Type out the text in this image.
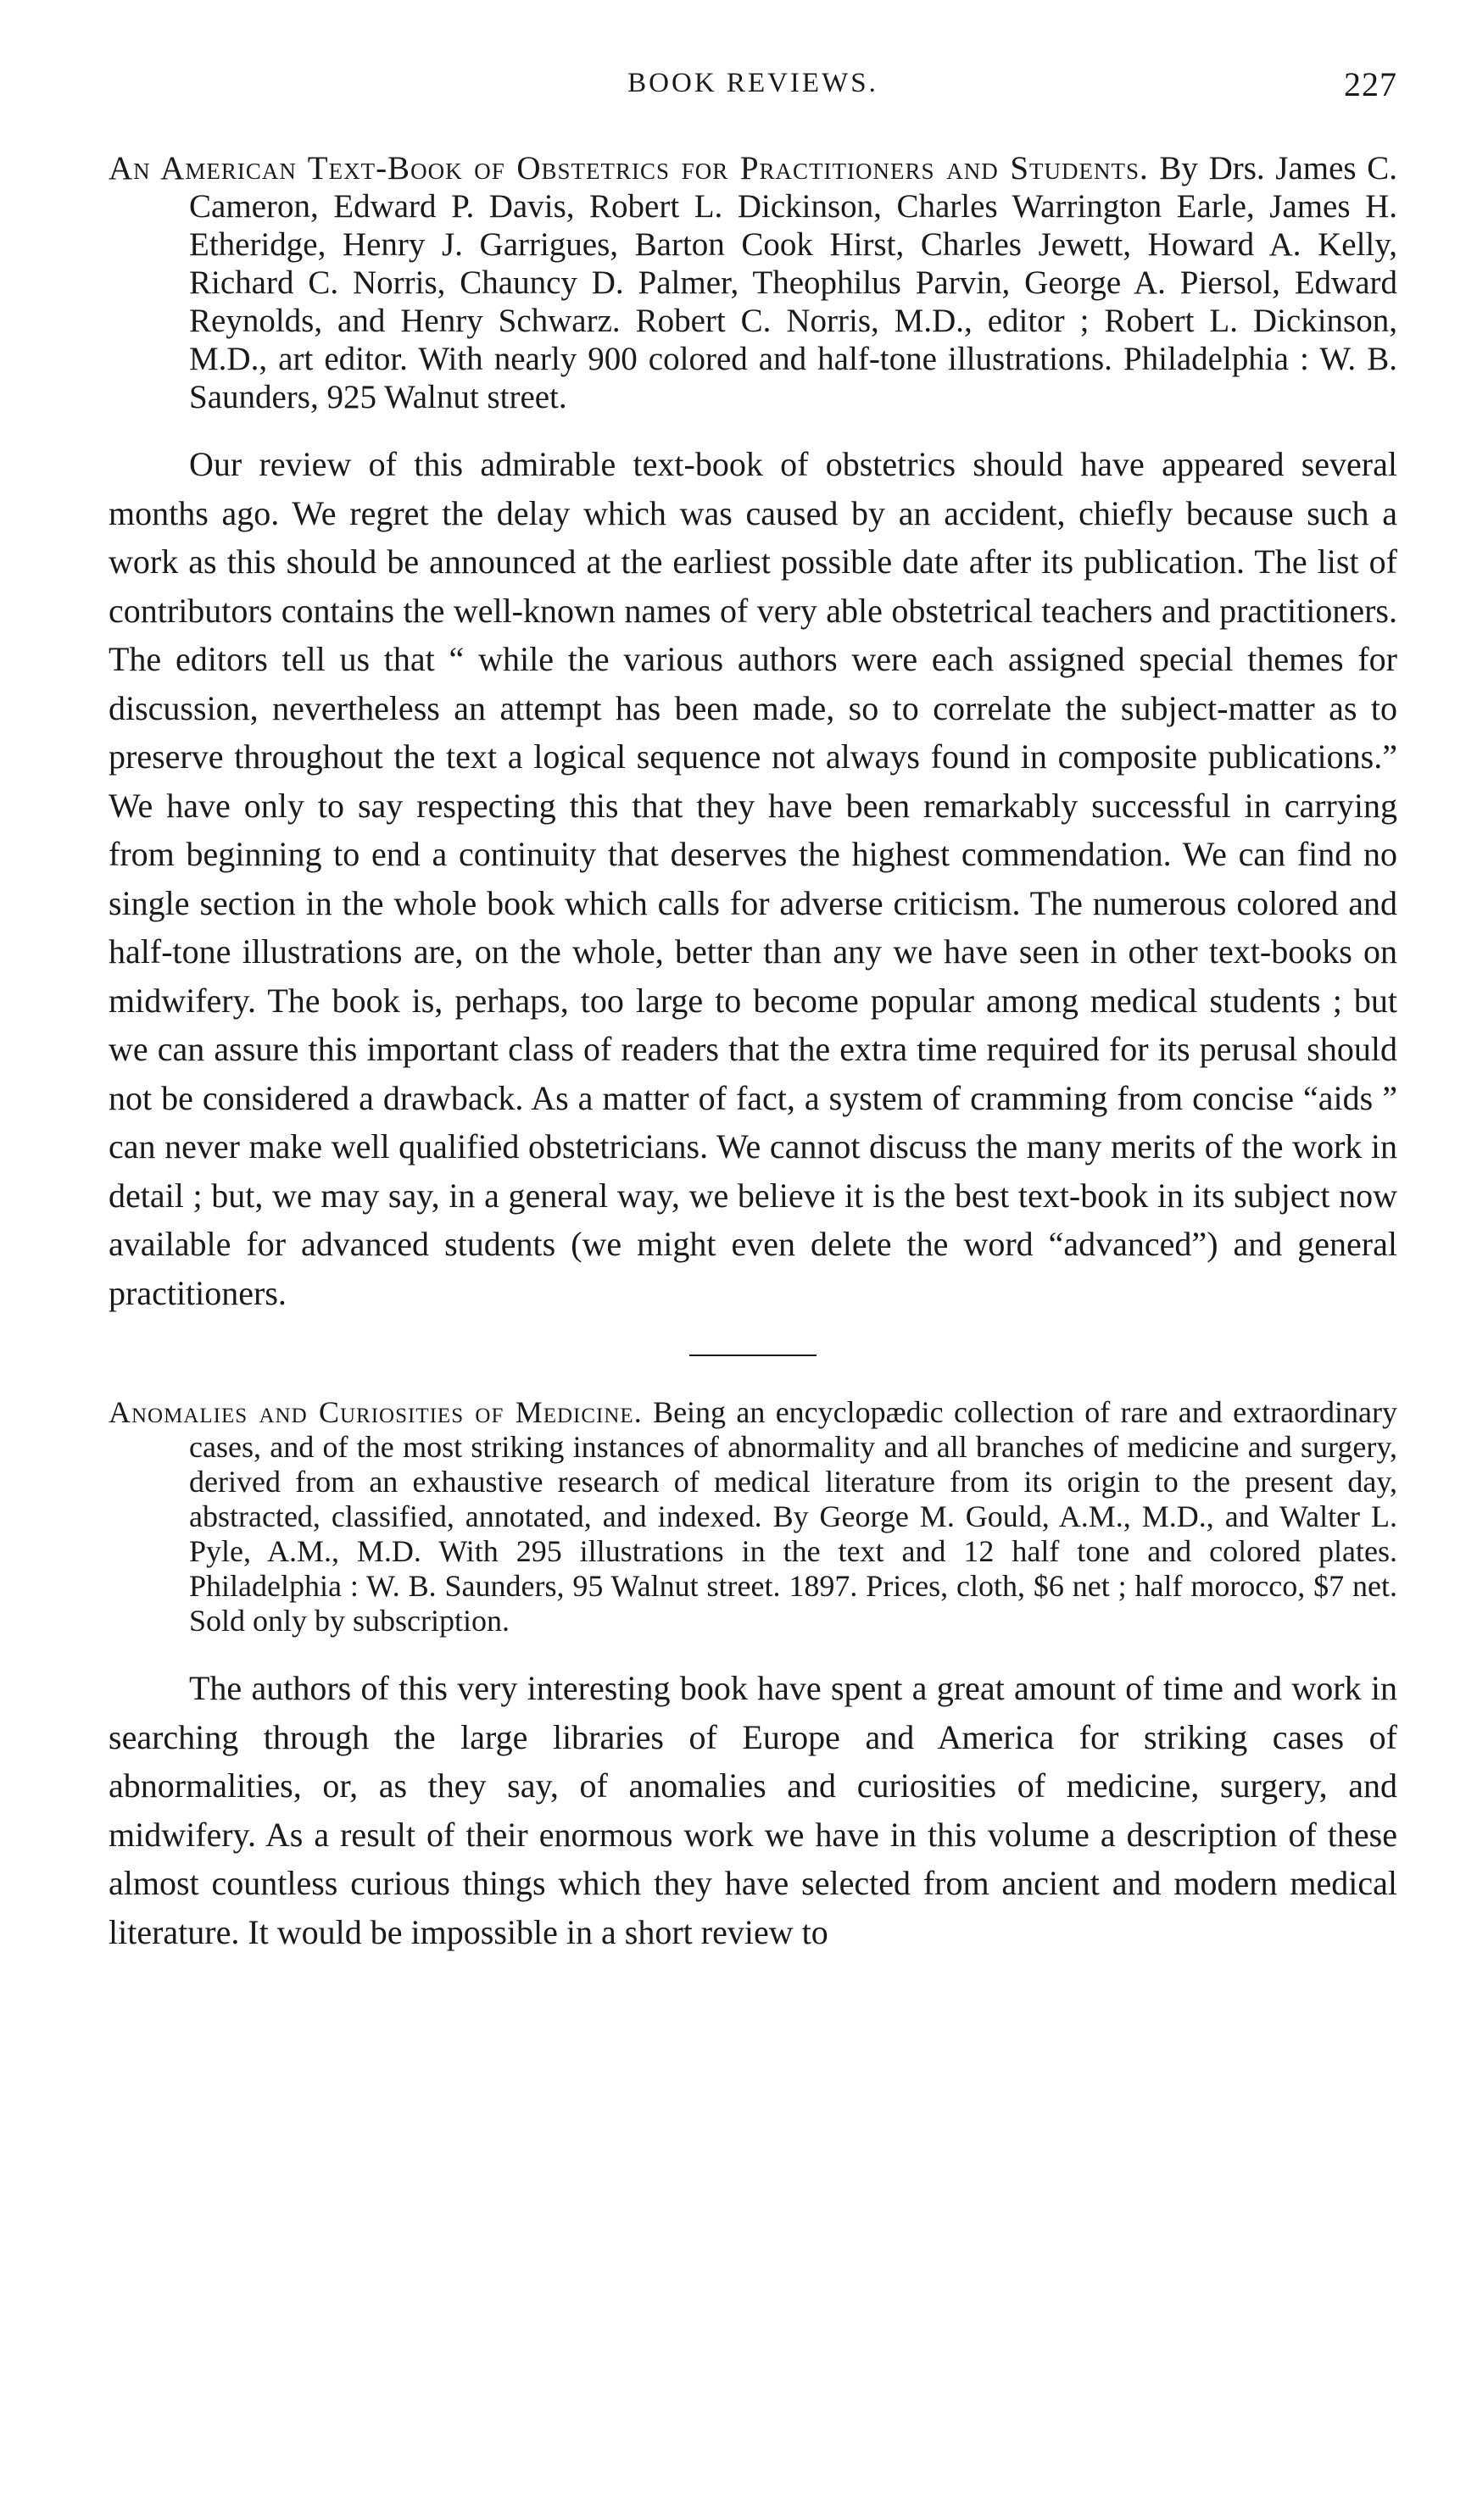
BOOK REVIEWS.	227

An American Text-Book of Obstetrics for Practitioners and Students. By Drs. James C. Cameron, Edward P. Davis, Robert L. Dickinson, Charles Warrington Earle, James H. Etheridge, Henry J. Garrigues, Barton Cook Hirst, Charles Jewett, Howard A. Kelly, Richard C. Norris, Chauncy D. Palmer, Theophilus Parvin, George A. Piersol, Edward Reynolds, and Henry Schwarz. Robert C. Norris, M.D., editor ; Robert L. Dickinson, M.D., art editor. With nearly 900 colored and half-tone illustrations. Philadelphia : W. B. Saunders, 925 Walnut street.

Our review of this admirable text-book of obstetrics should have appeared several months ago. We regret the delay which was caused by an accident, chiefly because such a work as this should be announced at the earliest possible date after its publication. The list of contributors contains the well-known names of very able obstetrical teachers and practitioners. The editors tell us that “ while the various authors were each assigned special themes for discussion, nevertheless an attempt has been made, so to correlate the subject-matter as to preserve throughout the text a logical sequence not always found in composite publications.” We have only to say respecting this that they have been remarkably successful in carrying from beginning to end a continuity that deserves the highest commendation. We can find no single section in the whole book which calls for adverse criticism. The numerous colored and half-tone illustrations are, on the whole, better than any we have seen in other text-books on midwifery. The book is, perhaps, too large to become popular among medical students ; but we can assure this important class of readers that the extra time required for its perusal should not be considered a drawback. As a matter of fact, a system of cramming from concise “aids ” can never make well qualified obstetricians. We cannot discuss the many merits of the work in detail ; but, we may say, in a general way, we believe it is the best text-book in its subject now available for advanced students (we might even delete the word “advanced”) and general practitioners.

Anomalies and Curiosities of Medicine. Being an encyclopædic collection of rare and extraordinary cases, and of the most striking instances of abnormality and all branches of medicine and surgery, derived from an exhaustive research of medical literature from its origin to the present day, abstracted, classified, annotated, and indexed. By George M. Gould, A.M., M.D., and Walter L. Pyle, A.M., M.D. With 295 illustrations in the text and 12 half tone and colored plates. Philadelphia : W. B. Saunders, 95 Walnut street. 1897. Prices, cloth, $6 net ; half morocco, $7 net. Sold only by subscription.

The authors of this very interesting book have spent a great amount of time and work in searching through the large libraries of Europe and America for striking cases of abnormalities, or, as they say, of anomalies and curiosities of medicine, surgery, and midwifery. As a result of their enormous work we have in this volume a description of these almost countless curious things which they have selected from ancient and modern medical literature. It would be impossible in a short review to
